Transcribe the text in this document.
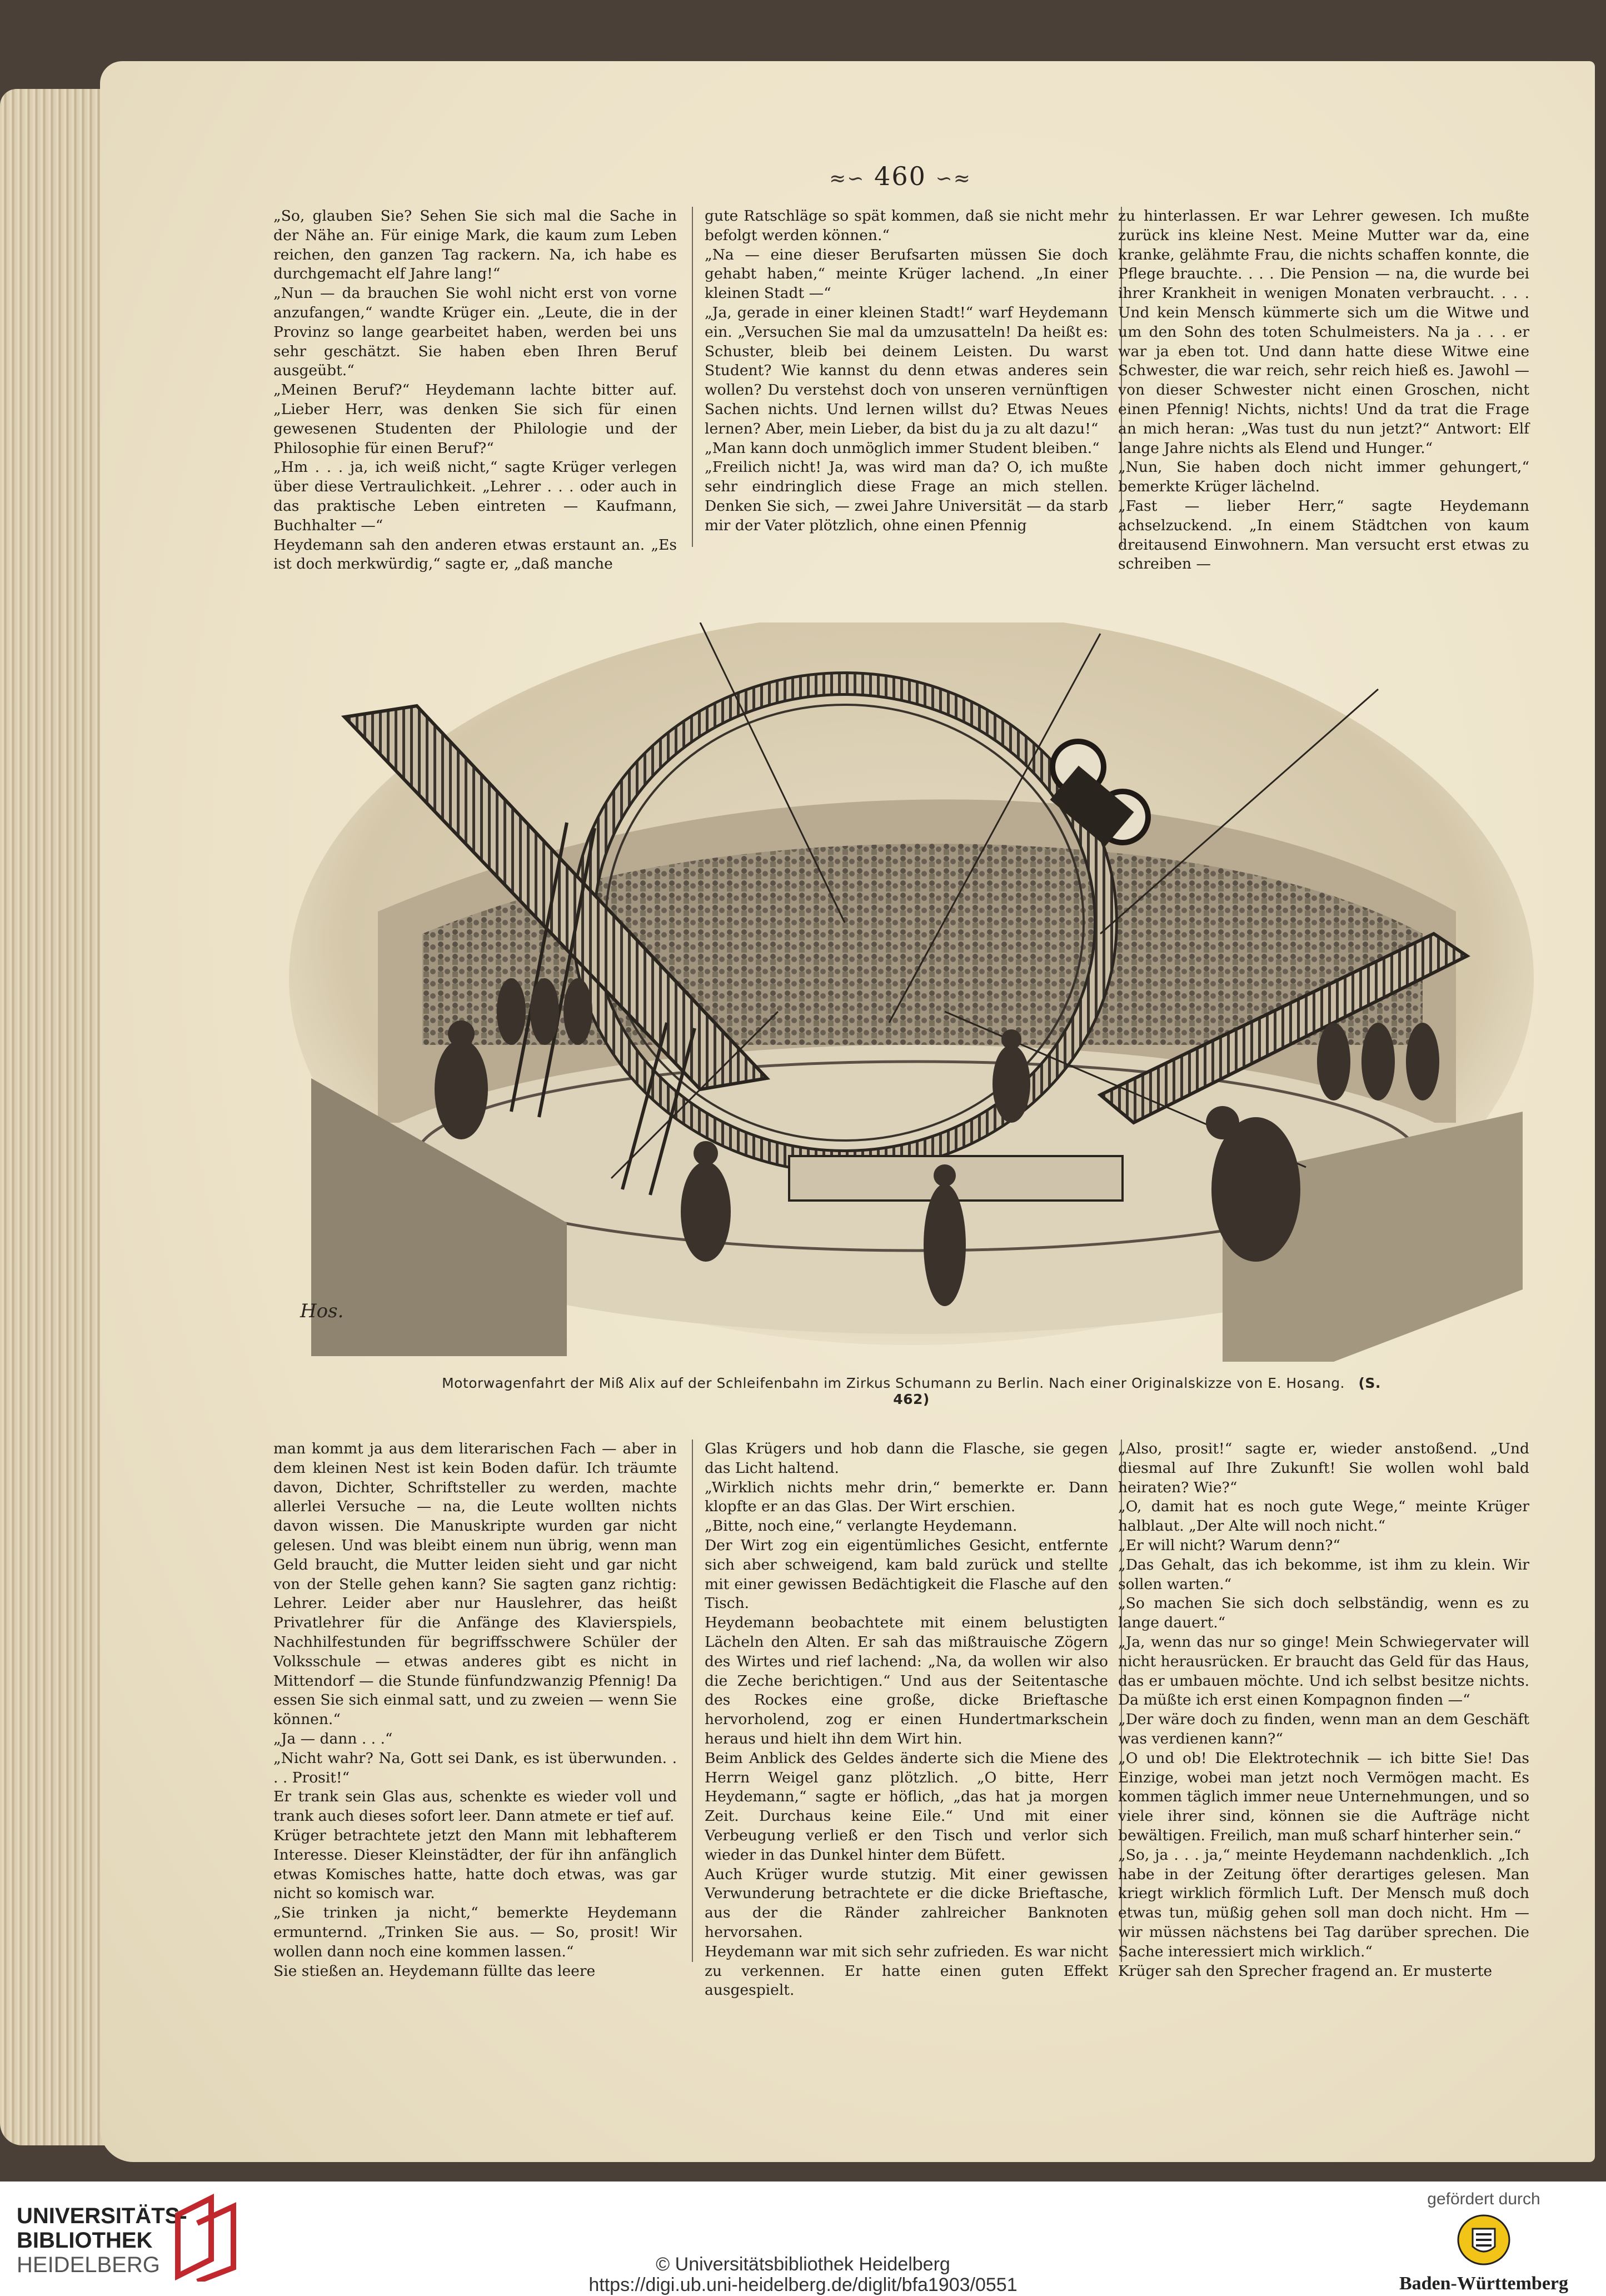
≈∽ 460 ∽≈
„So, glauben Sie? Sehen Sie sich mal die Sache in der Nähe an. Für einige Mark, die kaum zum Leben reichen, den ganzen Tag rackern. Na, ich habe es durchgemacht elf Jahre lang!“
„Nun — da brauchen Sie wohl nicht erst von vorne anzufangen,“ wandte Krüger ein. „Leute, die in der Provinz so lange gearbeitet haben, werden bei uns sehr geschätzt. Sie haben eben Ihren Beruf ausgeübt.“
„Meinen Beruf?“ Heydemann lachte bitter auf. „Lieber Herr, was denken Sie sich für einen gewesenen Studenten der Philologie und der Philosophie für einen Beruf?“
„Hm . . . ja, ich weiß nicht,“ sagte Krüger verlegen über diese Vertraulichkeit. „Lehrer . . . oder auch in das praktische Leben eintreten — Kaufmann, Buchhalter —“
Heydemann sah den anderen etwas erstaunt an. „Es ist doch merkwürdig,“ sagte er, „daß manche
gute Ratschläge so spät kommen, daß sie nicht mehr befolgt werden können.“
„Na — eine dieser Berufsarten müssen Sie doch gehabt haben,“ meinte Krüger lachend. „In einer kleinen Stadt —“
„Ja, gerade in einer kleinen Stadt!“ warf Heydemann ein. „Versuchen Sie mal da umzusatteln! Da heißt es: Schuster, bleib bei deinem Leisten. Du warst Student? Wie kannst du denn etwas anderes sein wollen? Du verstehst doch von unseren vernünftigen Sachen nichts. Und lernen willst du? Etwas Neues lernen? Aber, mein Lieber, da bist du ja zu alt dazu!“
„Man kann doch unmöglich immer Student bleiben.“
„Freilich nicht! Ja, was wird man da? O, ich mußte sehr eindringlich diese Frage an mich stellen. Denken Sie sich, — zwei Jahre Universität — da starb mir der Vater plötzlich, ohne einen Pfennig
zu hinterlassen. Er war Lehrer gewesen. Ich mußte zurück ins kleine Nest. Meine Mutter war da, eine kranke, gelähmte Frau, die nichts schaffen konnte, die Pflege brauchte. . . . Die Pension — na, die wurde bei ihrer Krankheit in wenigen Monaten verbraucht. . . . Und kein Mensch kümmerte sich um die Witwe und um den Sohn des toten Schulmeisters. Na ja . . . er war ja eben tot. Und dann hatte diese Witwe eine Schwester, die war reich, sehr reich hieß es. Jawohl — von dieser Schwester nicht einen Groschen, nicht einen Pfennig! Nichts, nichts! Und da trat die Frage an mich heran: „Was tust du nun jetzt?“ Antwort: Elf lange Jahre nichts als Elend und Hunger.“
„Nun, Sie haben doch nicht immer gehungert,“ bemerkte Krüger lächelnd.
„Fast — lieber Herr,“ sagte Heydemann achselzuckend. „In einem Städtchen von kaum dreitausend Einwohnern. Man versucht erst etwas zu schreiben —
Hos.
Motorwagenfahrt der Miß Alix auf der Schleifenbahn im Zirkus Schumann zu Berlin. Nach einer Originalskizze von E. Hosang. (S. 462)
man kommt ja aus dem literarischen Fach — aber in dem kleinen Nest ist kein Boden dafür. Ich träumte davon, Dichter, Schriftsteller zu werden, machte allerlei Versuche — na, die Leute wollten nichts davon wissen. Die Manuskripte wurden gar nicht gelesen. Und was bleibt einem nun übrig, wenn man Geld braucht, die Mutter leiden sieht und gar nicht von der Stelle gehen kann? Sie sagten ganz richtig: Lehrer. Leider aber nur Hauslehrer, das heißt Privatlehrer für die Anfänge des Klavierspiels, Nachhilfestunden für begriffsschwere Schüler der Volksschule — etwas anderes gibt es nicht in Mittendorf — die Stunde fünfundzwanzig Pfennig! Da essen Sie sich einmal satt, und zu zweien — wenn Sie können.“
„Ja — dann . . .“
„Nicht wahr? Na, Gott sei Dank, es ist überwunden. . . . Prosit!“
Er trank sein Glas aus, schenkte es wieder voll und trank auch dieses sofort leer. Dann atmete er tief auf.
Krüger betrachtete jetzt den Mann mit lebhafterem Interesse. Dieser Kleinstädter, der für ihn anfänglich etwas Komisches hatte, hatte doch etwas, was gar nicht so komisch war.
„Sie trinken ja nicht,“ bemerkte Heydemann ermunternd. „Trinken Sie aus. — So, prosit! Wir wollen dann noch eine kommen lassen.“
Sie stießen an. Heydemann füllte das leere
Glas Krügers und hob dann die Flasche, sie gegen das Licht haltend.
„Wirklich nichts mehr drin,“ bemerkte er. Dann klopfte er an das Glas. Der Wirt erschien.
„Bitte, noch eine,“ verlangte Heydemann.
Der Wirt zog ein eigentümliches Gesicht, entfernte sich aber schweigend, kam bald zurück und stellte mit einer gewissen Bedächtigkeit die Flasche auf den Tisch.
Heydemann beobachtete mit einem belustigten Lächeln den Alten. Er sah das mißtrauische Zögern des Wirtes und rief lachend: „Na, da wollen wir also die Zeche berichtigen.“ Und aus der Seitentasche des Rockes eine große, dicke Brieftasche hervorholend, zog er einen Hundertmarkschein heraus und hielt ihn dem Wirt hin.
Beim Anblick des Geldes änderte sich die Miene des Herrn Weigel ganz plötzlich. „O bitte, Herr Heydemann,“ sagte er höflich, „das hat ja morgen Zeit. Durchaus keine Eile.“ Und mit einer Verbeugung verließ er den Tisch und verlor sich wieder in das Dunkel hinter dem Büfett.
Auch Krüger wurde stutzig. Mit einer gewissen Verwunderung betrachtete er die dicke Brieftasche, aus der die Ränder zahlreicher Banknoten hervorsahen.
Heydemann war mit sich sehr zufrieden. Es war nicht zu verkennen. Er hatte einen guten Effekt ausgespielt.
„Also, prosit!“ sagte er, wieder anstoßend. „Und diesmal auf Ihre Zukunft! Sie wollen wohl bald heiraten? Wie?“
„O, damit hat es noch gute Wege,“ meinte Krüger halblaut. „Der Alte will noch nicht.“
„Er will nicht? Warum denn?“
„Das Gehalt, das ich bekomme, ist ihm zu klein. Wir sollen warten.“
„So machen Sie sich doch selbständig, wenn es zu lange dauert.“
„Ja, wenn das nur so ginge! Mein Schwiegervater will nicht herausrücken. Er braucht das Geld für das Haus, das er umbauen möchte. Und ich selbst besitze nichts. Da müßte ich erst einen Kompagnon finden —“
„Der wäre doch zu finden, wenn man an dem Geschäft was verdienen kann?“
„O und ob! Die Elektrotechnik — ich bitte Sie! Das Einzige, wobei man jetzt noch Vermögen macht. Es kommen täglich immer neue Unternehmungen, und so viele ihrer sind, können sie die Aufträge nicht bewältigen. Freilich, man muß scharf hinterher sein.“
„So, ja . . . ja,“ meinte Heydemann nachdenklich. „Ich habe in der Zeitung öfter derartiges gelesen. Man kriegt wirklich förmlich Luft. Der Mensch muß doch etwas tun, müßig gehen soll man doch nicht. Hm — wir müssen nächstens bei Tag darüber sprechen. Die Sache interessiert mich wirklich.“
Krüger sah den Sprecher fragend an. Er musterte
UNIVERSITÄTS-
BIBLIOTHEK
HEIDELBERG	© Universitätsbibliothek Heidelberg
https://digi.ub.uni-heidelberg.de/diglit/bfa1903/0551
gefördert durch
Baden-Württemberg
